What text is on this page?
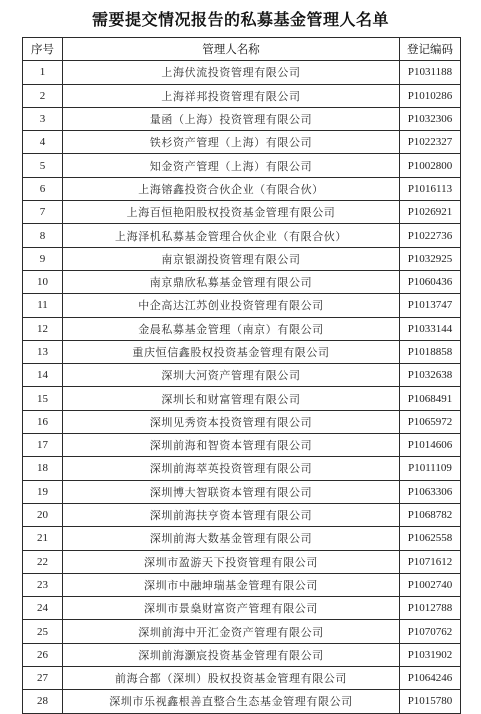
需要提交情况报告的私募基金管理人名单
序号	管理人名称	登记编码
1	上海伏流投资管理有限公司	P1031188
2	上海祥邦投资管理有限公司	P1010286
3	量函（上海）投资管理有限公司	P1032306
4	铁杉资产管理（上海）有限公司	P1022327
5	知金资产管理（上海）有限公司	P1002800
6	上海镕鑫投资合伙企业（有限合伙）	P1016113
7	上海百恒艳阳股权投资基金管理有限公司	P1026921
8	上海泽机私募基金管理合伙企业（有限合伙）	P1022736
9	南京银湖投资管理有限公司	P1032925
10	南京鼎欣私募基金管理有限公司	P1060436
11	中企高达江苏创业投资管理有限公司	P1013747
12	金晨私募基金管理（南京）有限公司	P1033144
13	重庆恒信鑫股权投资基金管理有限公司	P1018858
14	深圳大河资产管理有限公司	P1032638
15	深圳长和财富管理有限公司	P1068491
16	深圳见秀资本投资管理有限公司	P1065972
17	深圳前海和智资本管理有限公司	P1014606
18	深圳前海萃英投资管理有限公司	P1011109
19	深圳博大智联资本管理有限公司	P1063306
20	深圳前海扶亨资本管理有限公司	P1068782
21	深圳前海大数基金管理有限公司	P1062558
22	深圳市盈游天下投资管理有限公司	P1071612
23	深圳市中融坤瑞基金管理有限公司	P1002740
24	深圳市景燊财富资产管理有限公司	P1012788
25	深圳前海中开汇金资产管理有限公司	P1070762
26	深圳前海灏宸投资基金管理有限公司	P1031902
27	前海合都（深圳）股权投资基金管理有限公司	P1064246
28	深圳市乐视鑫根善直整合生态基金管理有限公司	P1015780
